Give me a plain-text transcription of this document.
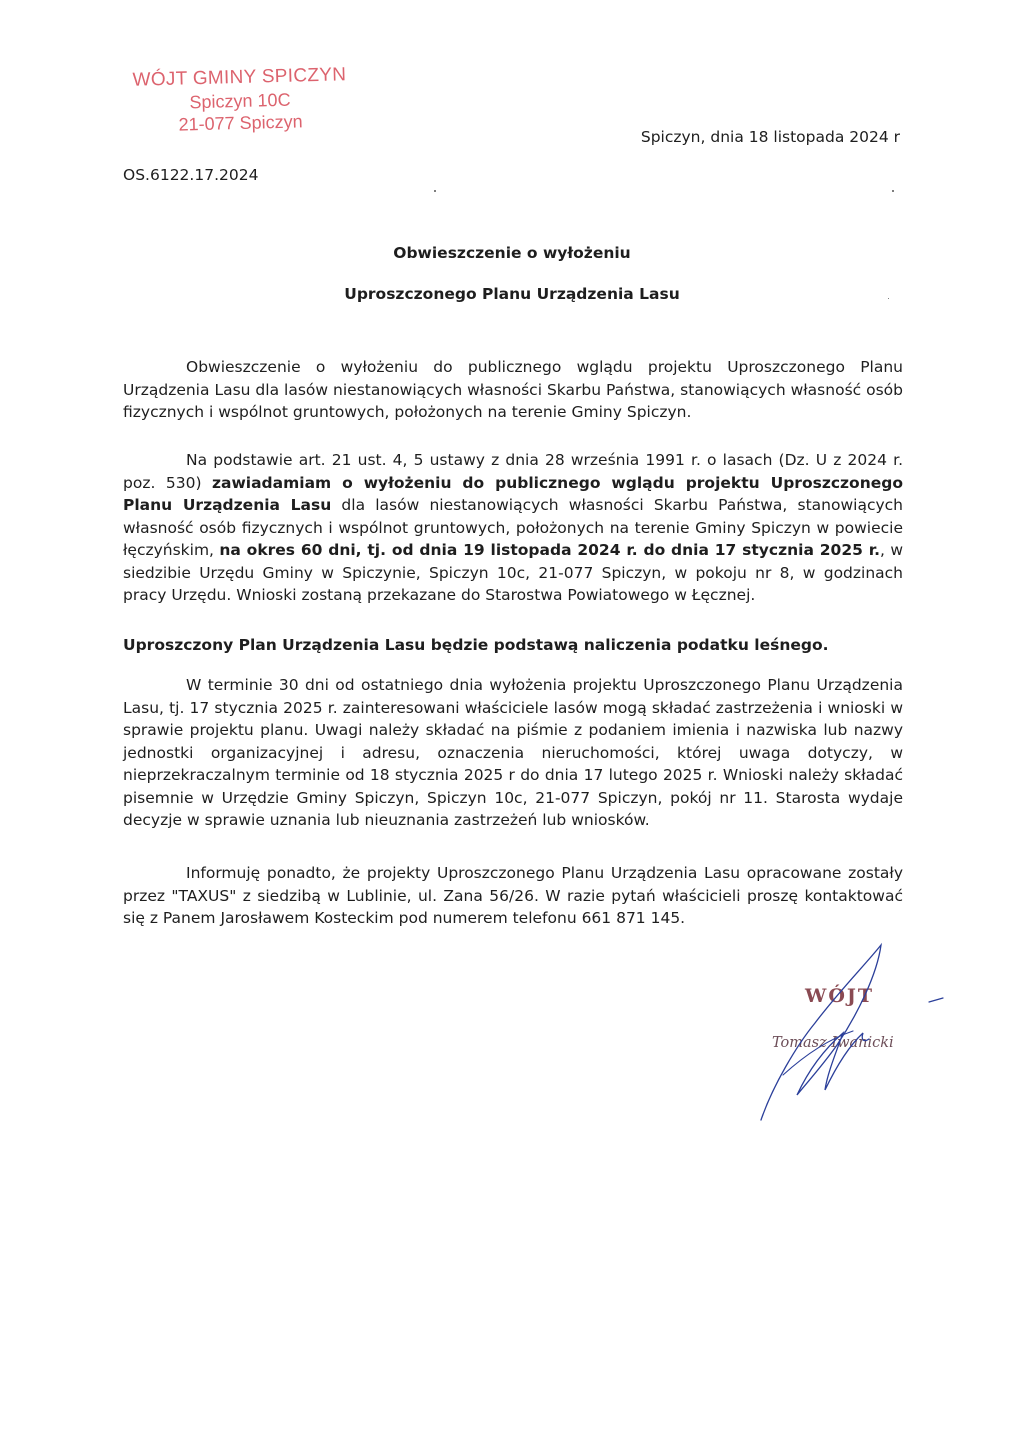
WÓJT GMINY SPICZYN
Spiczyn 10C
21-077 Spiczyn
Spiczyn, dnia 18 listopada 2024 r
OS.6122.17.2024
Obwieszczenie o wyłożeniu
Uproszczonego Planu Urządzenia Lasu

Obwieszczenie o wyłożeniu do publicznego wglądu projektu Uproszczonego Planu Urządzenia Lasu dla lasów niestanowiących własności Skarbu Państwa, stanowiących własność osób fizycznych i wspólnot gruntowych, położonych na terenie Gminy Spiczyn.

Na podstawie art. 21 ust. 4, 5 ustawy z dnia 28 września 1991 r. o lasach (Dz. U z 2024 r. poz. 530) zawiadamiam o wyłożeniu do publicznego wglądu projektu Uproszczonego Planu Urządzenia Lasu dla lasów niestanowiących własności Skarbu Państwa, stanowiących własność osób fizycznych i wspólnot gruntowych, położonych na terenie Gminy Spiczyn w powiecie łęczyńskim, na okres 60 dni, tj. od dnia 19 listopada 2024 r. do dnia 17 stycznia 2025 r., w siedzibie Urzędu Gminy w Spiczynie, Spiczyn 10c, 21-077 Spiczyn, w pokoju nr 8, w godzinach pracy Urzędu. Wnioski zostaną przekazane do Starostwa Powiatowego w Łęcznej.

Uproszczony Plan Urządzenia Lasu będzie podstawą naliczenia podatku leśnego.

W terminie 30 dni od ostatniego dnia wyłożenia projektu Uproszczonego Planu Urządzenia Lasu, tj. 17 stycznia 2025 r. zainteresowani właściciele lasów mogą składać zastrzeżenia i wnioski w sprawie projektu planu. Uwagi należy składać na piśmie z podaniem imienia i nazwiska lub nazwy jednostki organizacyjnej i adresu, oznaczenia nieruchomości, której uwaga dotyczy, w nieprzekraczalnym terminie od 18 stycznia 2025 r do dnia 17 lutego 2025 r. Wnioski należy składać pisemnie w Urzędzie Gminy Spiczyn, Spiczyn 10c, 21-077 Spiczyn, pokój nr 11. Starosta wydaje decyzje w sprawie uznania lub nieuznania zastrzeżeń lub wniosków.

Informuję ponadto, że projekty Uproszczonego Planu Urządzenia Lasu opracowane zostały przez "TAXUS" z siedzibą w Lublinie, ul. Zana 56/26. W razie pytań właścicieli proszę kontaktować się z Panem Jarosławem Kosteckim pod numerem telefonu 661 871 145.

WÓJT
Tomasz Iwanicki
